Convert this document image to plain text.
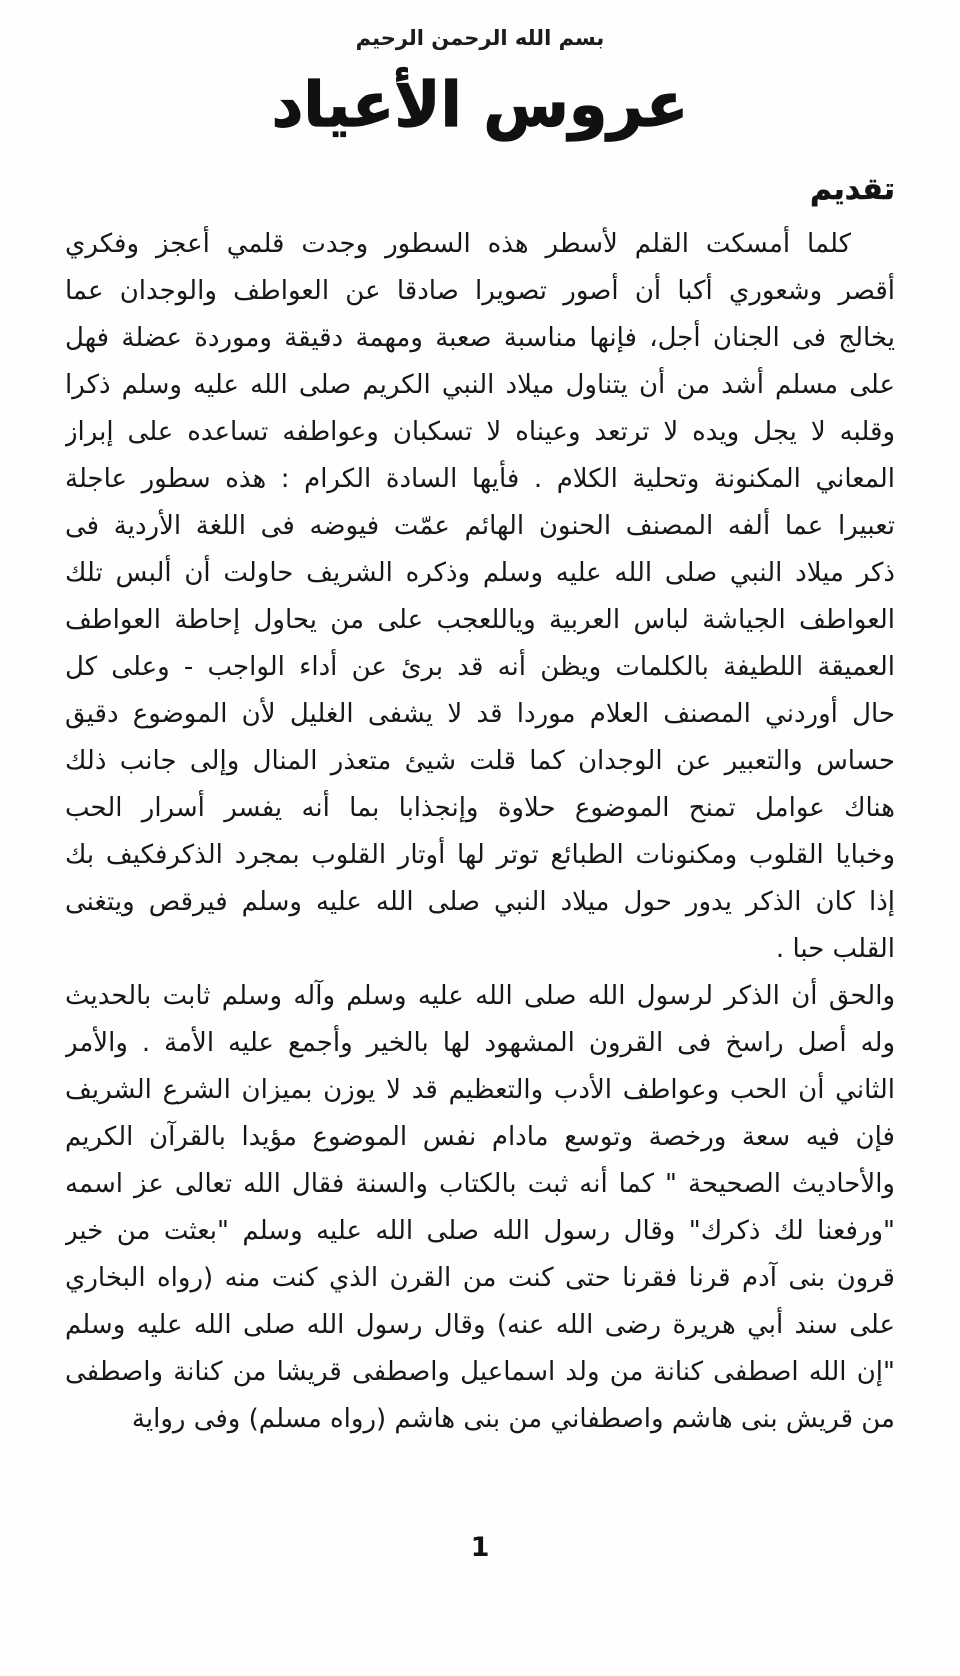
بسم الله الرحمن الرحيم
عروس الأعياد
تقديم
كلما أمسكت القلم لأسطر هذه السطور وجدت قلمي أعجز وفكري
أقصر وشعوري أكبا أن أصور تصويرا صادقا عن العواطف والوجدان عما
يخالج فى الجنان أجل، فإنها مناسبة صعبة ومهمة دقيقة وموردة عضلة فهل
على مسلم أشد من أن يتناول ميلاد النبي الكريم صلى الله عليه وسلم ذكرا
وقلبه لا يجل ويده لا ترتعد وعيناه لا تسكبان وعواطفه تساعده على إبراز
المعاني المكنونة وتحلية الكلام . فأيها السادة الكرام : هذه سطور عاجلة
تعبيرا عما ألفه المصنف الحنون الهائم عمّت فيوضه فى اللغة الأردية فى
ذكر ميلاد النبي صلى الله عليه وسلم وذكره الشريف حاولت أن ألبس تلك
العواطف الجياشة لباس العربية وياللعجب على من يحاول إحاطة العواطف
العميقة اللطيفة بالكلمات ويظن أنه قد برئ عن أداء الواجب - وعلى كل
حال أوردني المصنف العلام موردا قد لا يشفى الغليل لأن الموضوع دقيق
حساس والتعبير عن الوجدان كما قلت شيئ متعذر المنال وإلى جانب ذلك
هناك عوامل تمنح الموضوع حلاوة وإنجذابا بما أنه يفسر أسرار الحب
وخبايا القلوب ومكنونات الطبائع توتر لها أوتار القلوب بمجرد الذكرفكيف بك
إذا كان الذكر يدور حول ميلاد النبي صلى الله عليه وسلم فيرقص ويتغنى
القلب حبا .
والحق أن الذكر لرسول الله صلى الله عليه وسلم وآله وسلم ثابت بالحديث
وله أصل راسخ فى القرون المشهود لها بالخير وأجمع عليه الأمة . والأمر
الثاني أن الحب وعواطف الأدب والتعظيم قد لا يوزن بميزان الشرع الشريف
فإن فيه سعة ورخصة وتوسع مادام نفس الموضوع مؤيدا بالقرآن الكريم
والأحاديث الصحيحة " كما أنه ثبت بالكتاب والسنة فقال الله تعالى عز اسمه
"ورفعنا لك ذكرك" وقال رسول الله صلى الله عليه وسلم "بعثت من خير
قرون بنى آدم قرنا فقرنا حتى كنت من القرن الذي كنت منه (رواه البخاري
على سند أبي هريرة رضى الله عنه) وقال رسول الله صلى الله عليه وسلم
"إن الله اصطفى كنانة من ولد اسماعيل واصطفى قريشا من كنانة واصطفى
من قريش بنى هاشم واصطفاني من بنى هاشم (رواه مسلم) وفى رواية
1
